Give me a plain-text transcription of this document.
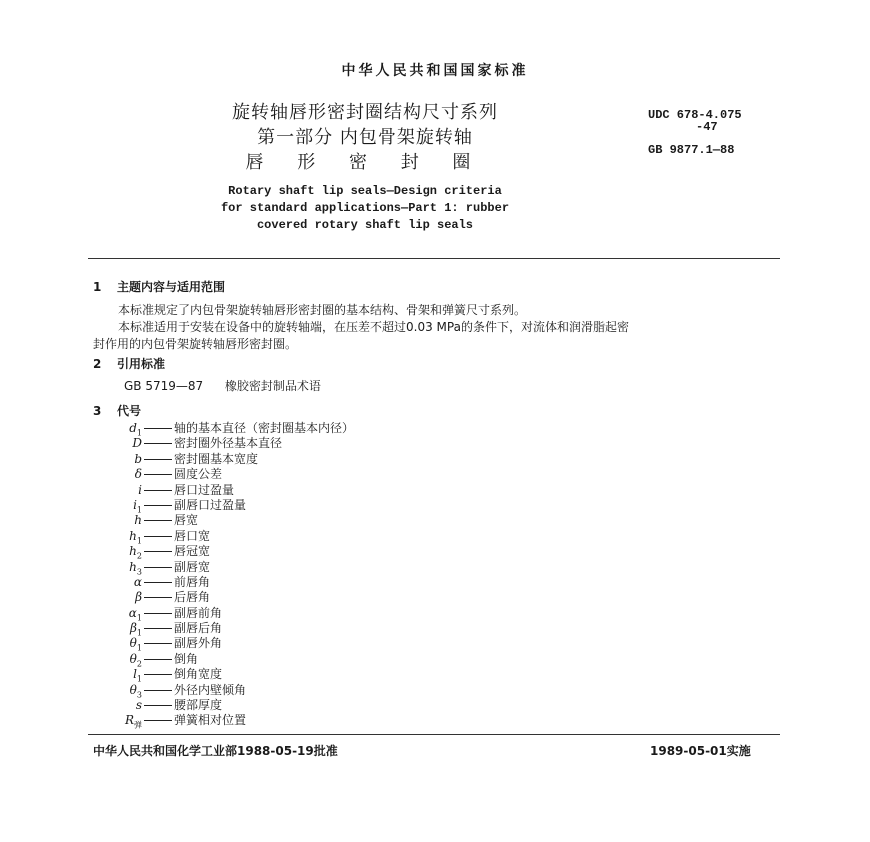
中华人民共和国国家标准
旋转轴唇形密封圈结构尺寸系列
第一部分 内包骨架旋转轴
唇 形 密 封 圈
UDC 678-4.075
-47
GB 9877.1—88
Rotary shaft lip seals—Design criteria
for standard applications—Part 1: rubber
covered rotary shaft lip seals
1 主题内容与适用范围
本标准规定了内包骨架旋转轴唇形密封圈的基本结构、骨架和弹簧尺寸系列。
本标准适用于安装在设备中的旋转轴端，在压差不超过0.03 MPa的条件下，对流体和润滑脂起密
封作用的内包骨架旋转轴唇形密封圈。
2 引用标准
GB 5719—87 橡胶密封制品术语
3 代号
$d_1$	轴的基本直径（密封圈基本内径）
D	密封圈外径基本直径
b	密封圈基本宽度
δ	圆度公差
i	唇口过盈量
$i_1$	副唇口过盈量
h	唇宽
$h_1$	唇口宽
$h_2$	唇冠宽
$h_3$	副唇宽
α	前唇角
β	后唇角
$\alpha_1$	副唇前角
$\beta_1$	副唇后角
$\theta_1$	副唇外角
$\theta_2$	倒角
$l_1$	倒角宽度
$\theta_3$	外径内壁倾角
s	腰部厚度
$R_弹$	弹簧相对位置
中华人民共和国化学工业部1988-05-19批准	1989-05-01实施
